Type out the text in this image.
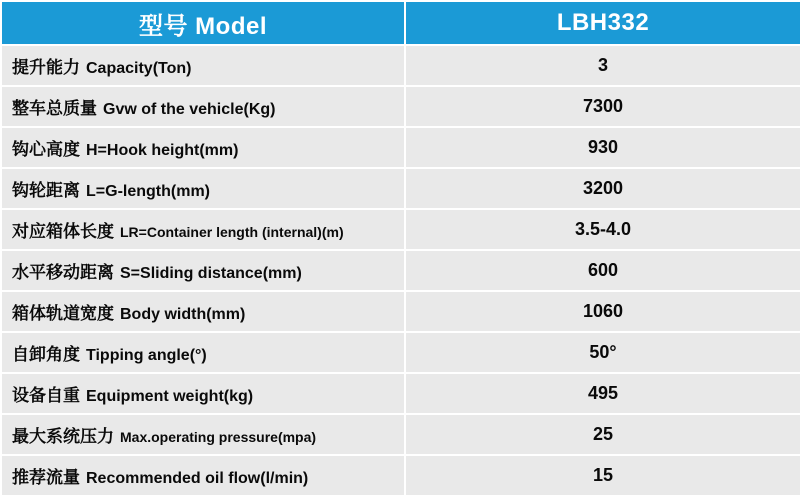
型号 Model	LBH332
提升能力 Capacity(Ton)	3
整车总质量 Gvw of the vehicle(Kg)	7300
钩心高度 H=Hook height(mm)	930
钩轮距离 L=G-length(mm)	3200
对应箱体长度 LR=Container length (internal)(m)	3.5-4.0
水平移动距离 S=Sliding distance(mm)	600
箱体轨道宽度 Body width(mm)	1060
自卸角度 Tipping angle(°)	50°
设备自重 Equipment weight(kg)	495
最大系统压力 Max.operating pressure(mpa)	25
推荐流量 Recommended oil flow(l/min)	15
